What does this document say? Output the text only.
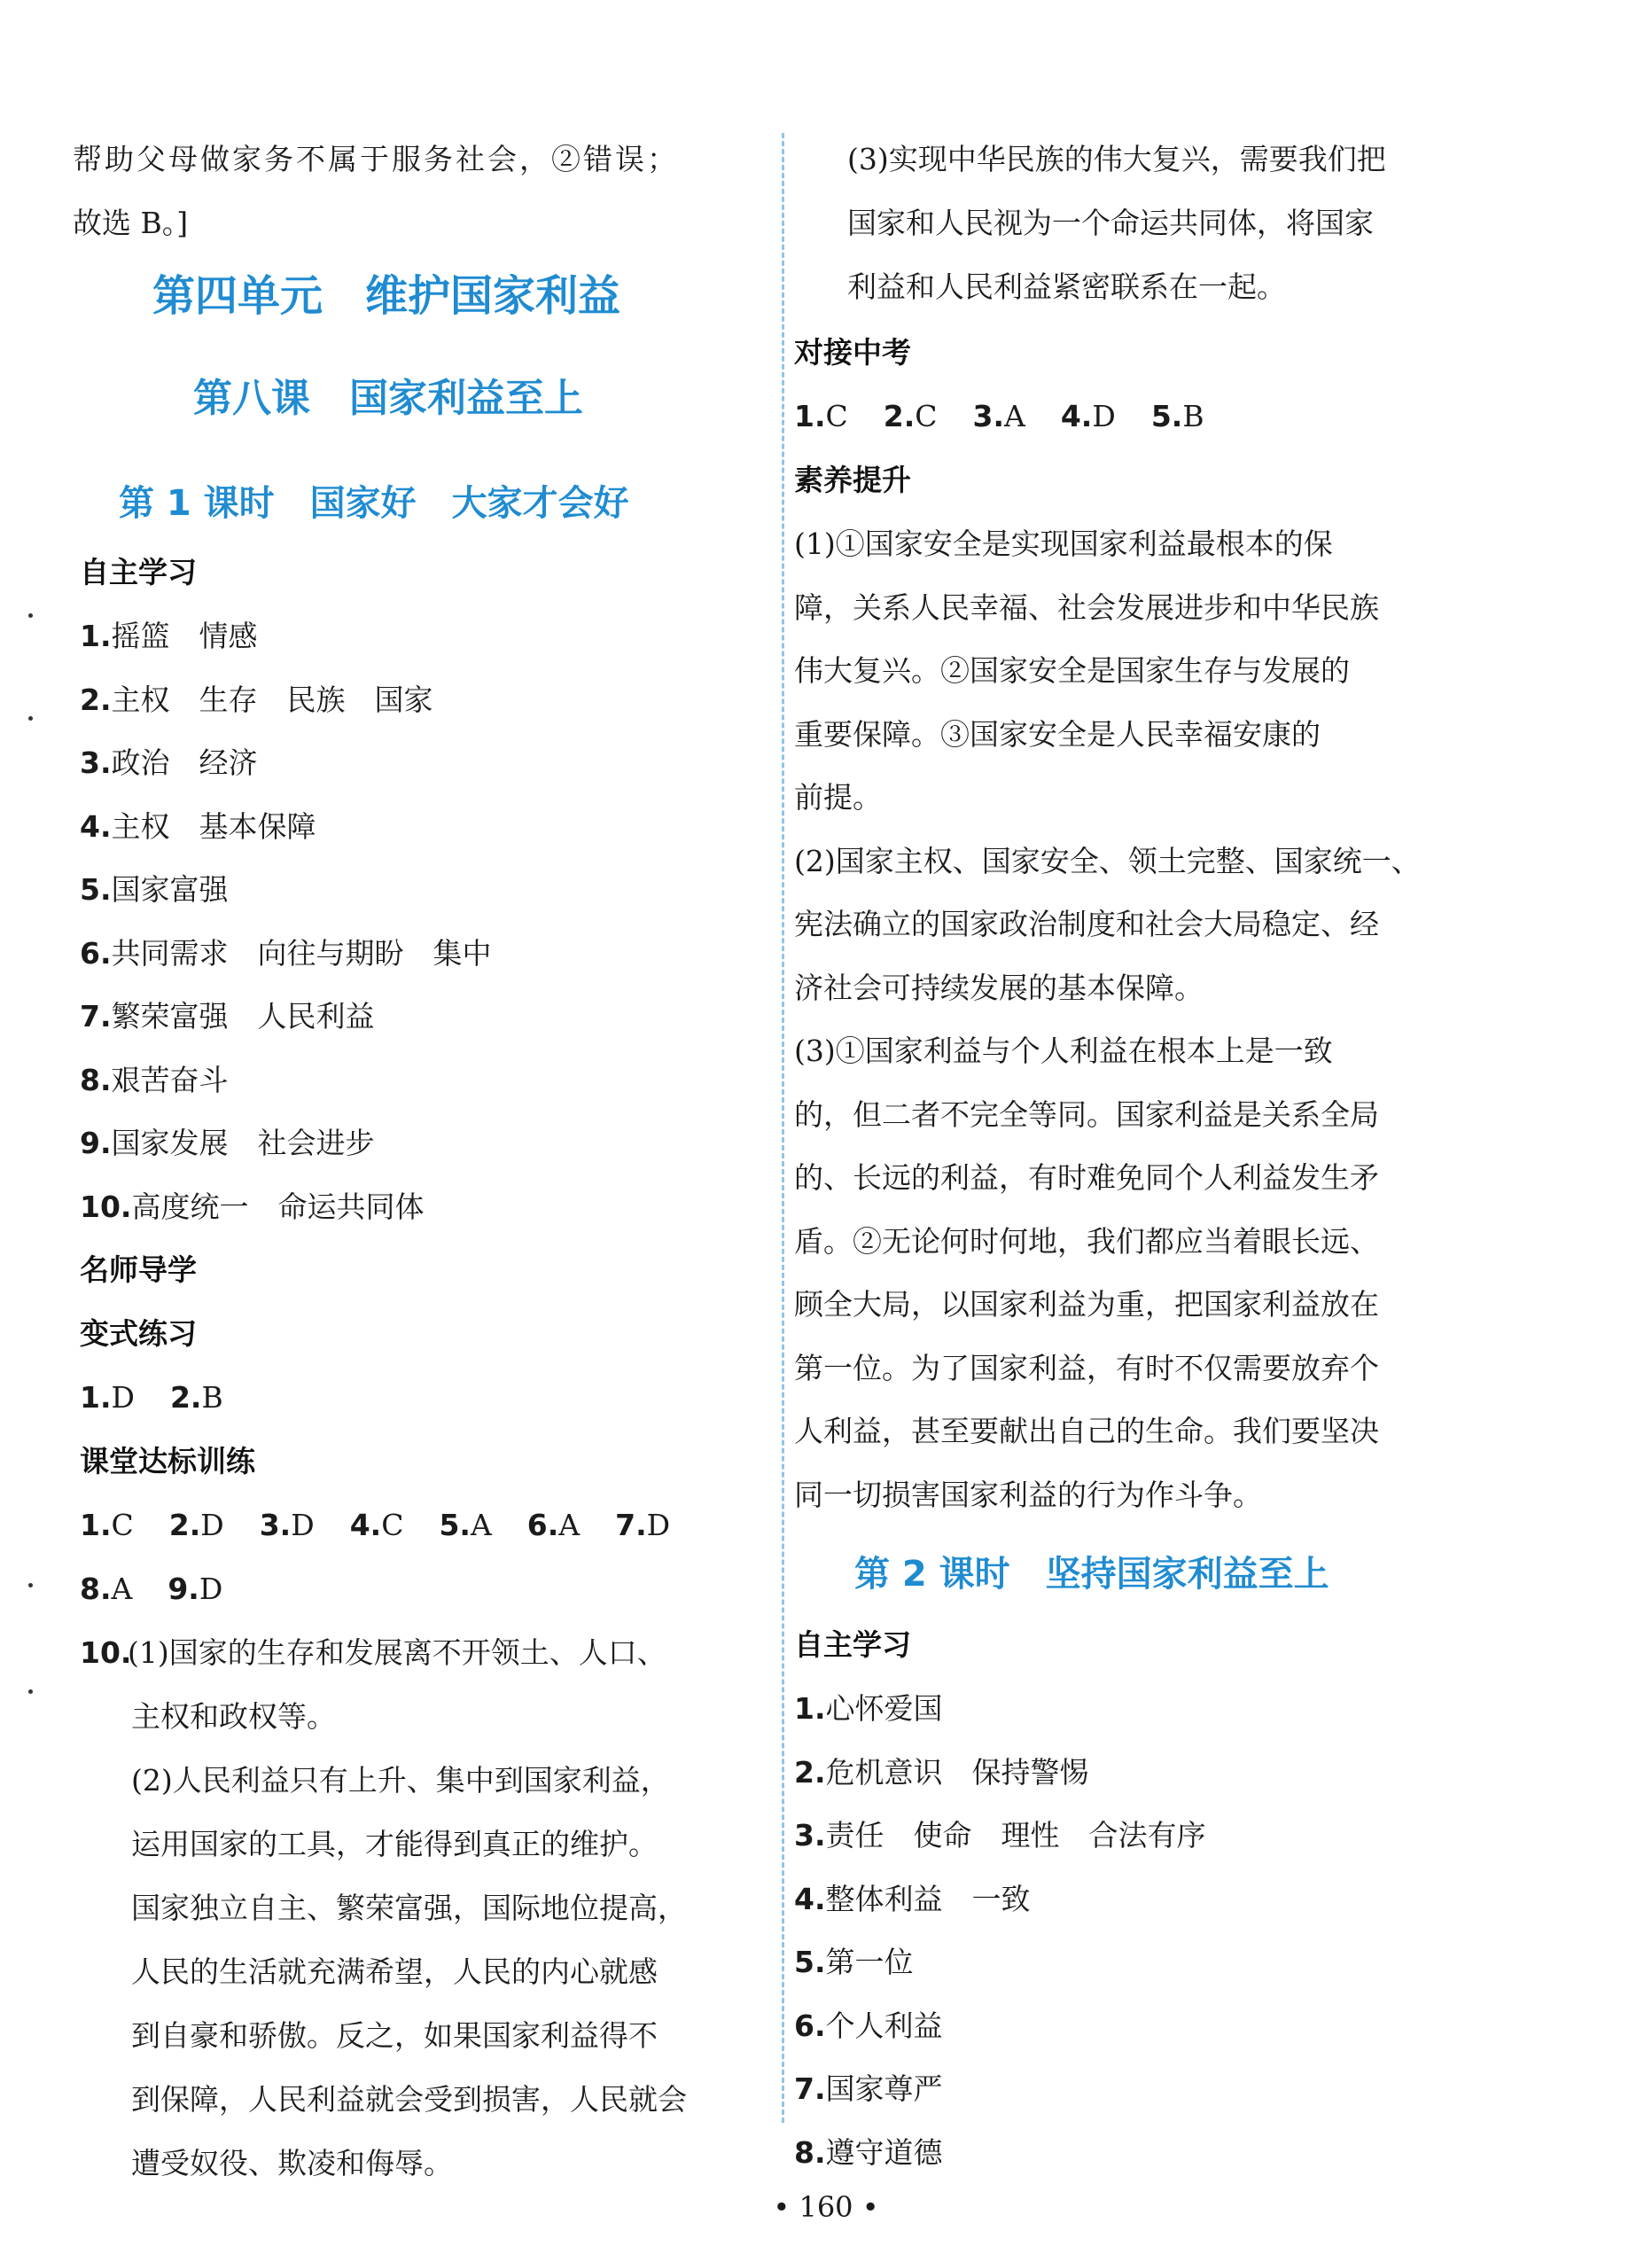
帮助父母做家务不属于服务社会，②错误；
故选 B。]
第四单元　维护国家利益
第八课　国家利益至上
第 1 课时　国家好　大家才会好
自主学习
1.摇篮　情感
2.主权　生存　民族　国家
3.政治　经济
4.主权　基本保障
5.国家富强
6.共同需求　向往与期盼　集中
7.繁荣富强　人民利益
8.艰苦奋斗
9.国家发展　社会进步
10.高度统一　命运共同体
名师导学
变式练习
1.D 2.B
课堂达标训练
1.C 2.D 3.D 4.C 5.A 6.A 7.D
8.A 9.D
10.
(1)国家的生存和发展离不开领土、人口、
主权和政权等。
(2)人民利益只有上升、集中到国家利益，
运用国家的工具，才能得到真正的维护。
国家独立自主、繁荣富强，国际地位提高，
人民的生活就充满希望，人民的内心就感
到自豪和骄傲。反之，如果国家利益得不
到保障，人民利益就会受到损害，人民就会
遭受奴役、欺凌和侮辱。
(3)实现中华民族的伟大复兴，需要我们把
国家和人民视为一个命运共同体，将国家
利益和人民利益紧密联系在一起。
对接中考
1.C 2.C 3.A 4.D 5.B
素养提升
(1)①国家安全是实现国家利益最根本的保
障，关系人民幸福、社会发展进步和中华民族
伟大复兴。②国家安全是国家生存与发展的
重要保障。③国家安全是人民幸福安康的
前提。
(2)国家主权、国家安全、领土完整、国家统一、
宪法确立的国家政治制度和社会大局稳定、经
济社会可持续发展的基本保障。
(3)①国家利益与个人利益在根本上是一致
的，但二者不完全等同。国家利益是关系全局
的、长远的利益，有时难免同个人利益发生矛
盾。②无论何时何地，我们都应当着眼长远、
顾全大局，以国家利益为重，把国家利益放在
第一位。为了国家利益，有时不仅需要放弃个
人利益，甚至要献出自己的生命。我们要坚决
同一切损害国家利益的行为作斗争。
第 2 课时　坚持国家利益至上
自主学习
1.心怀爱国
2.危机意识　保持警惕
3.责任　使命　理性　合法有序
4.整体利益　一致
5.第一位
6.个人利益
7.国家尊严
8.遵守道德
• 160 •
